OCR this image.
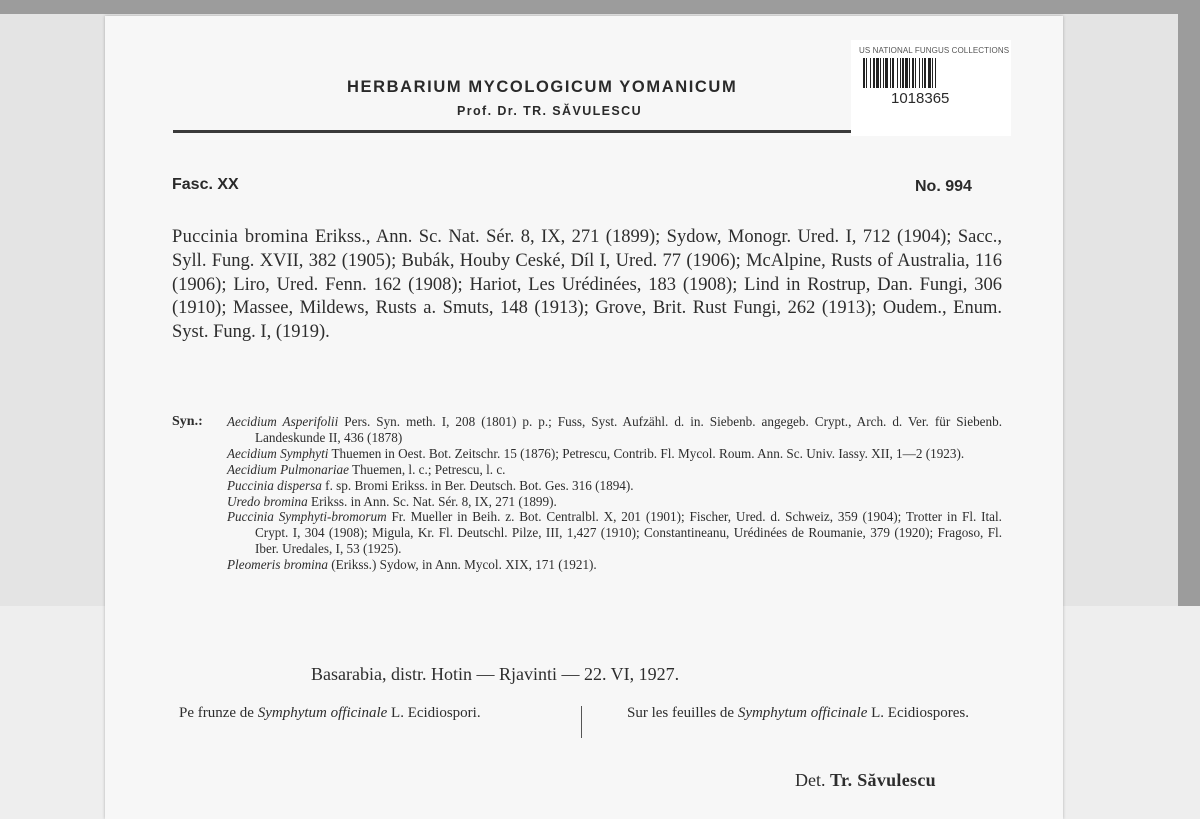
HERBARIUM MYCOLOGICUM YOMANICUM
Prof. Dr. TR. SĂVULESCU
US NATIONAL FUNGUS COLLECTIONS
1018365
Fasc. XX	No. 994
Puccinia bromina Erikss., Ann. Sc. Nat. Sér. 8, IX, 271 (1899); Sydow, Monogr. Ured. I, 712 (1904); Sacc., Syll. Fung. XVII, 382 (1905); Bubák, Houby Ceské, Díl I, Ured. 77 (1906); McAlpine, Rusts of Australia, 116 (1906); Liro, Ured. Fenn. 162 (1908); Hariot, Les Urédinées, 183 (1908); Lind in Rostrup, Dan. Fungi, 306 (1910); Massee, Mildews, Rusts a. Smuts, 148 (1913); Grove, Brit. Rust Fungi, 262 (1913); Oudem., Enum. Syst. Fung. I, (1919).
Syn.: Aecidium Asperifolii Pers. Syn. meth. I, 208 (1801) p. p.; Fuss, Syst. Aufzähl. d. in. Siebenb. angegeb. Crypt., Arch. d. Ver. für Siebenb. Landeskunde II, 436 (1878)
Aecidium Symphyti Thuemen in Oest. Bot. Zeitschr. 15 (1876); Petrescu, Contrib. Fl. Mycol. Roum. Ann. Sc. Univ. Iassy. XII, 1—2 (1923).
Aecidium Pulmonariae Thuemen, l. c.; Petrescu, l. c.
Puccinia dispersa f. sp. Bromi Erikss. in Ber. Deutsch. Bot. Ges. 316 (1894).
Uredo bromina Erikss. in Ann. Sc. Nat. Sér. 8, IX, 271 (1899).
Puccinia Symphyti-bromorum Fr. Mueller in Beih. z. Bot. Centralbl. X, 201 (1901); Fischer, Ured. d. Schweiz, 359 (1904); Trotter in Fl. Ital. Crypt. I, 304 (1908); Migula, Kr. Fl. Deutschl. Pilze, III, 1,427 (1910); Constantineanu, Urédinées de Roumanie, 379 (1920); Fragoso, Fl. Iber. Uredales, I, 53 (1925).
Pleomeris bromina (Erikss.) Sydow, in Ann. Mycol. XIX, 171 (1921).
Basarabia, distr. Hotin — Rjavinti — 22. VI, 1927.
Pe frunze de Symphytum officinale L. Ecidiospori.	Sur les feuilles de Symphytum officinale L. Ecidiospores.
Det. Tr. Săvulescu
